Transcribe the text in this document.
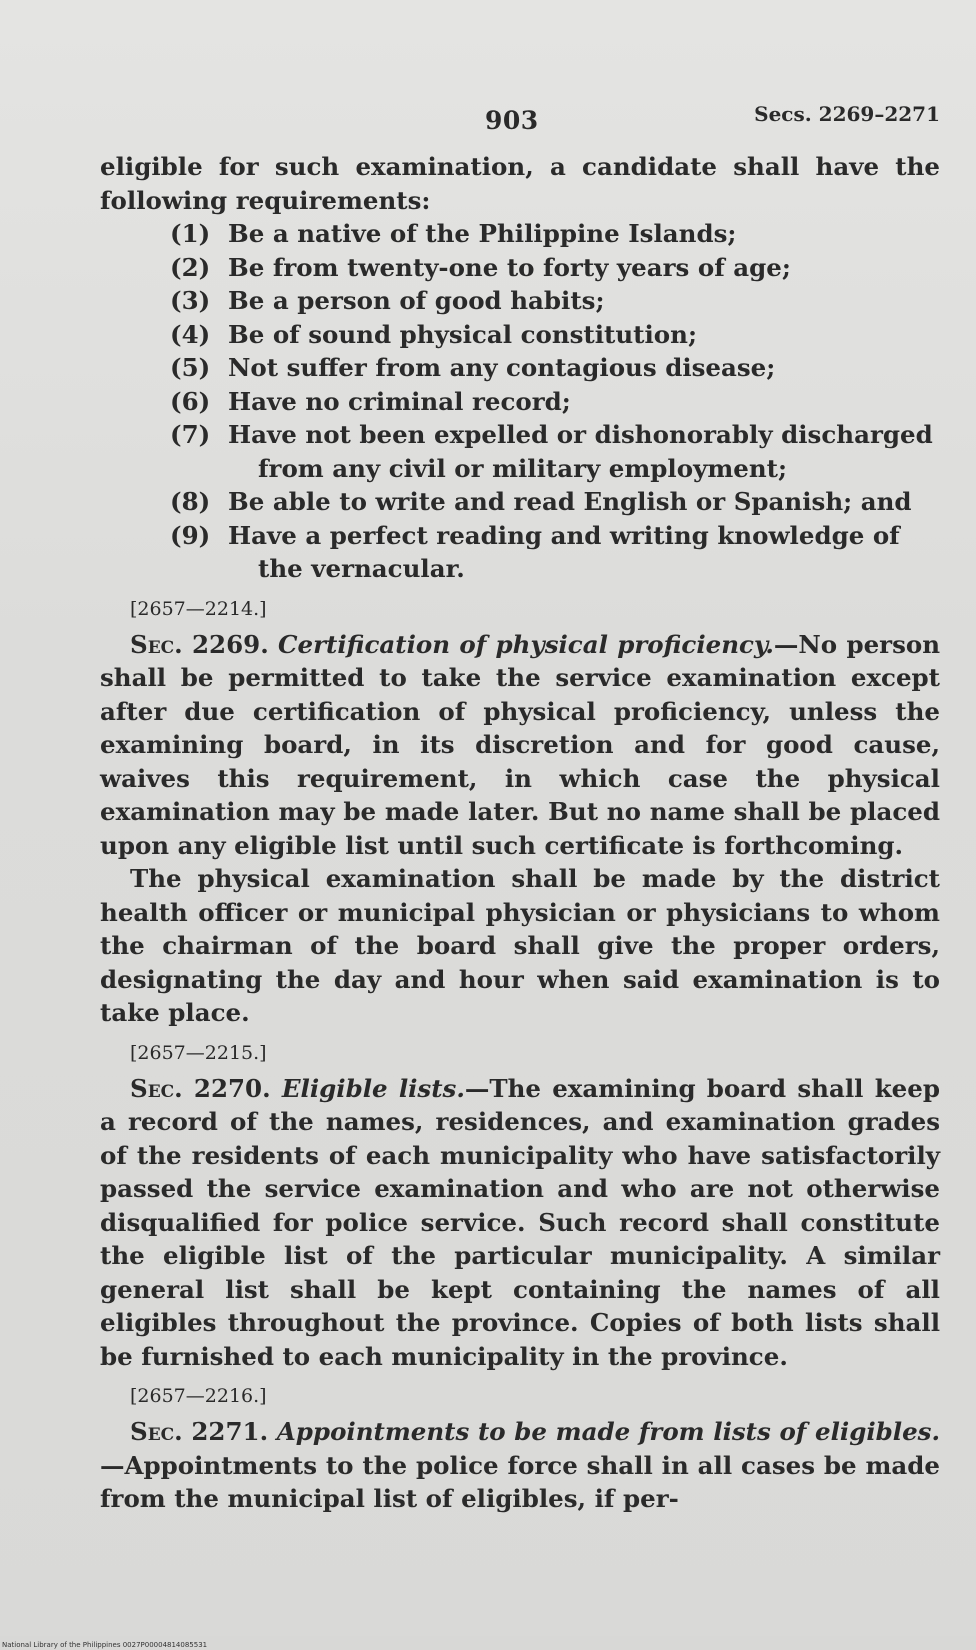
903	Secs. 2269–2271

eligible for such examination, a candidate shall have the following requirements:

(1) Be a native of the Philippine Islands;
(2) Be from twenty-one to forty years of age;
(3) Be a person of good habits;
(4) Be of sound physical constitution;
(5) Not suffer from any contagious disease;
(6) Have no criminal record;
(7) Have not been expelled or dishonorably discharged
from any civil or military employment;
(8) Be able to write and read English or Spanish; and
(9) Have a perfect reading and writing knowledge of
the vernacular.
[2657—2214.]

Sec. 2269. Certification of physical proficiency.—No person shall be permitted to take the service examination except after due certification of physical proficiency, unless the examining board, in its discretion and for good cause, waives this requirement, in which case the physical examination may be made later. But no name shall be placed upon any eligible list until such certificate is forthcoming.

The physical examination shall be made by the district health officer or municipal physician or physicians to whom the chairman of the board shall give the proper orders, designating the day and hour when said examination is to take place.

[2657—2215.]

Sec. 2270. Eligible lists.—The examining board shall keep a record of the names, residences, and examination grades of the residents of each municipality who have satisfactorily passed the service examination and who are not otherwise disqualified for police service. Such record shall constitute the eligible list of the particular municipality. A similar general list shall be kept containing the names of all eligibles throughout the province. Copies of both lists shall be furnished to each municipality in the province.

[2657—2216.]

Sec. 2271. Appointments to be made from lists of eligibles.—Appointments to the police force shall in all cases be made from the municipal list of eligibles, if per-

National Library of the Philippines 0027P00004814085531
